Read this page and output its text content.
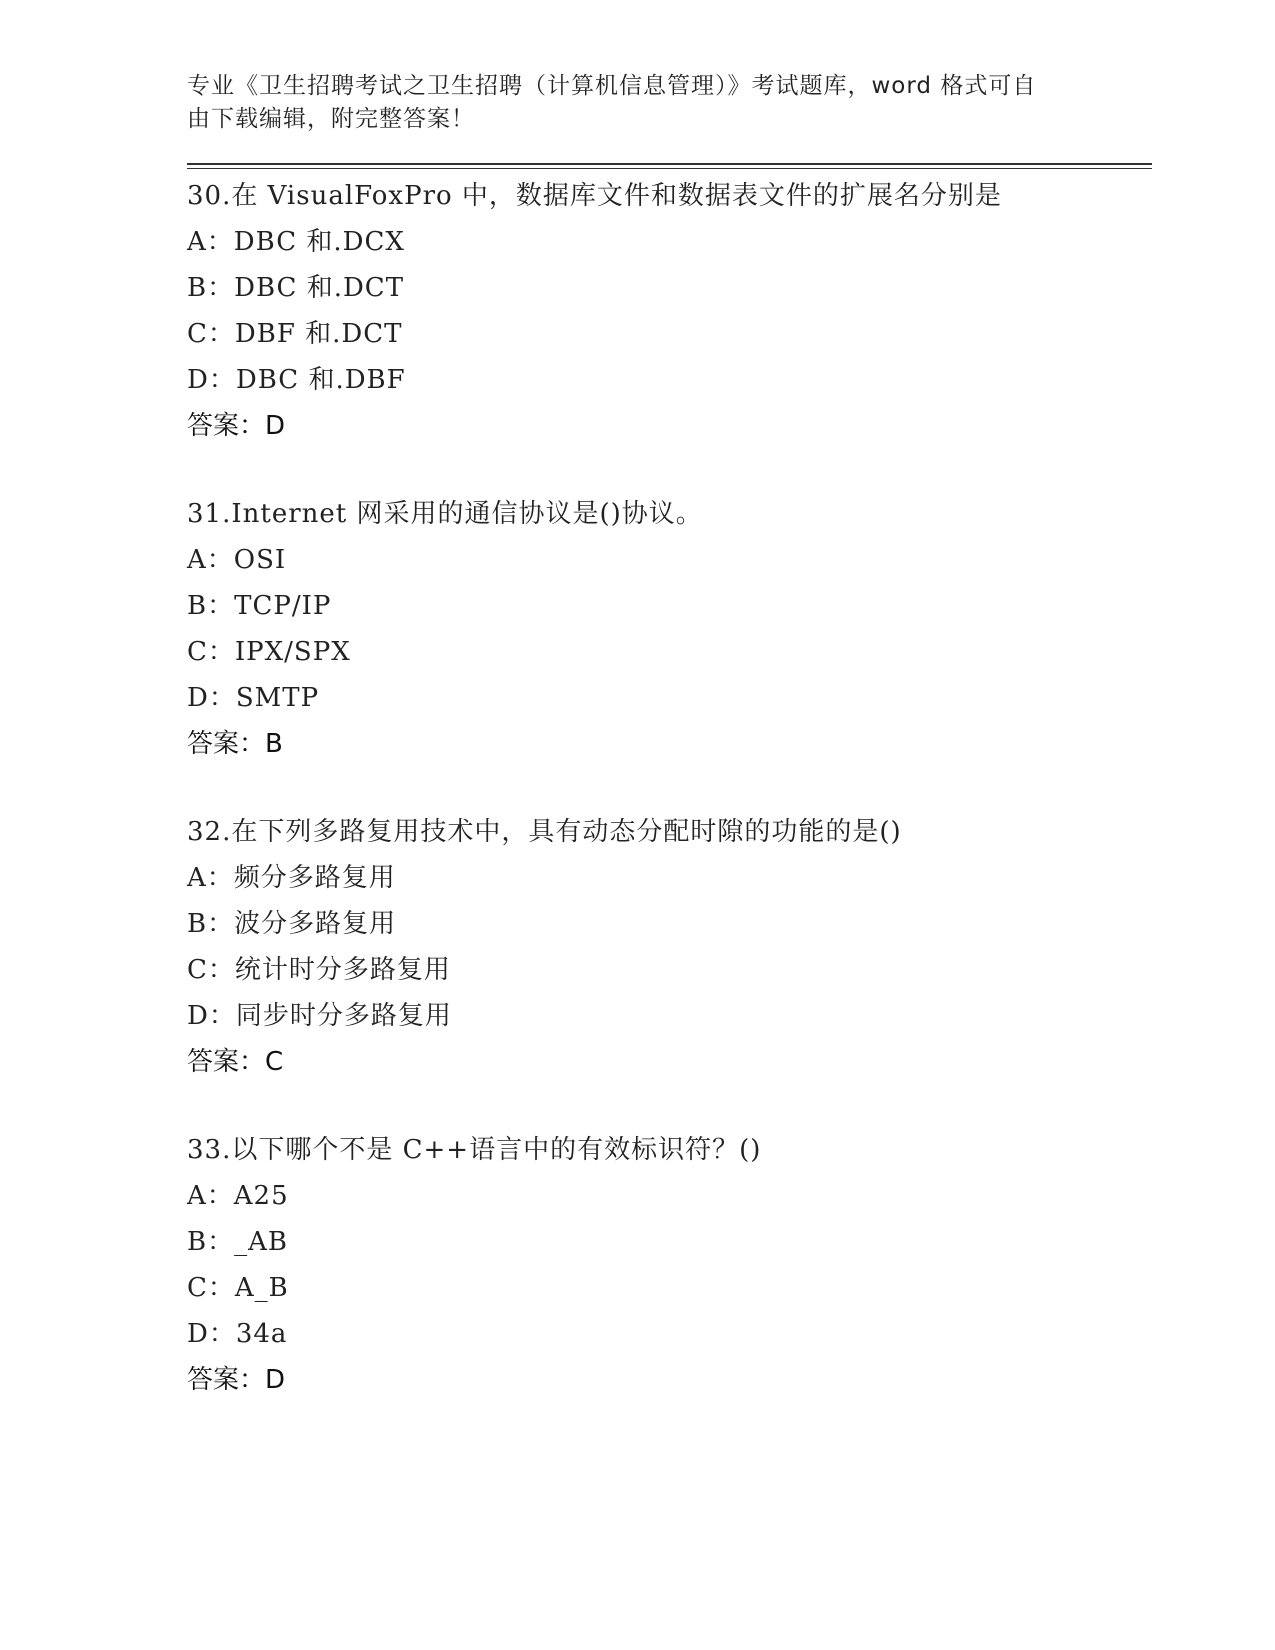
专业《卫生招聘考试之卫生招聘（计算机信息管理）》考试题库，word 格式可自
由下载编辑，附完整答案！
30.在 VisualFoxPro 中，数据库文件和数据表文件的扩展名分别是
A：DBC 和.DCX
B：DBC 和.DCT
C：DBF 和.DCT
D：DBC 和.DBF
答案：D
31.Internet 网采用的通信协议是()协议。
A：OSI
B：TCP/IP
C：IPX/SPX
D：SMTP
答案：B
32.在下列多路复用技术中，具有动态分配时隙的功能的是()
A：频分多路复用
B：波分多路复用
C：统计时分多路复用
D：同步时分多路复用
答案：C
33.以下哪个不是 C++语言中的有效标识符？()
A：A25
B：_AB
C：A_B
D：34a
答案：D
